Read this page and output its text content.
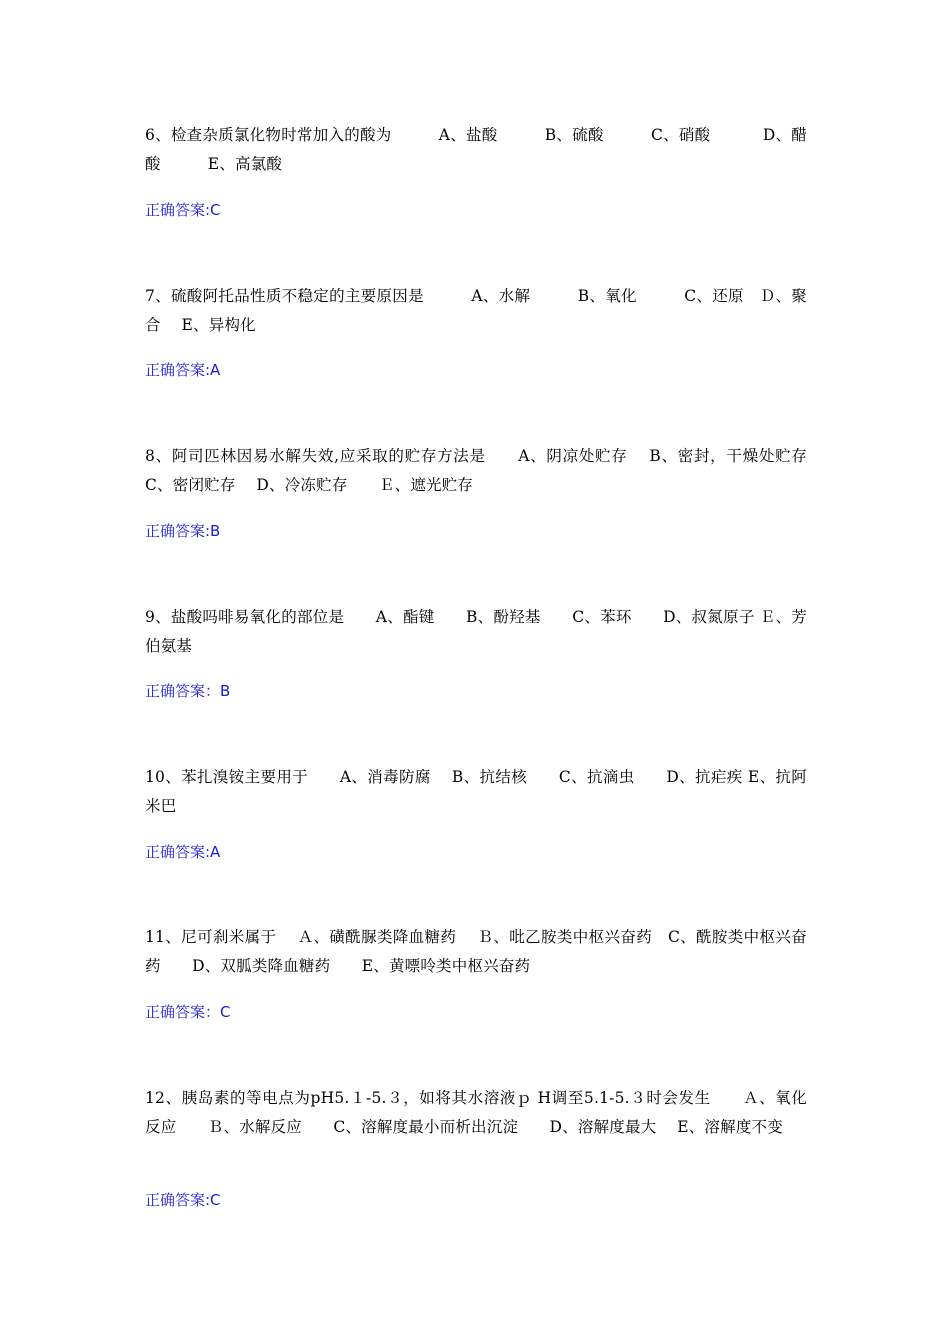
6、检查杂质氯化物时常加入的酸为　　　A、盐酸　　　B、硫酸　　　C、硝酸　　　 D、醋酸　　　E、高氯酸

正确答案:C

7、硫酸阿托品性质不稳定的主要原因是　　　A、水解　　　B、氧化　　　C、还原　Ｄ、聚合　 E、异构化

正确答案:A

8、阿司匹林因易水解失效,应采取的贮存方法是　　A、阴凉处贮存　 B、密封，干燥处贮存　 C、密闭贮存　 D、冷冻贮存　　Ｅ、遮光贮存

正确答案:B

9、盐酸吗啡易氧化的部位是　　A、酯键　　B、酚羟基　　C、苯环　　D、叔氮原子 Ｅ、芳伯氨基

正确答案：B

10、苯扎溴铵主要用于　　A、消毒防腐　 B、抗结核　　C、抗滴虫　　D、抗疟疾 E、抗阿米巴

正确答案:A

11、尼可刹米属于　 Ａ、磺酰脲类降血糖药　 Ｂ、吡乙胺类中枢兴奋药　C、酰胺类中枢兴奋药　　D、双胍类降血糖药　　E、黄嘌呤类中枢兴奋药

正确答案：C

12、胰岛素的等电点为pH5.１-5.３，如将其水溶液ｐ H调至5.1-5.３时会发生　　Ａ、氧化反应　　Ｂ、水解反应　　C、溶解度最小而析出沉淀　　D、溶解度最大　 E、溶解度不变

正确答案:C
